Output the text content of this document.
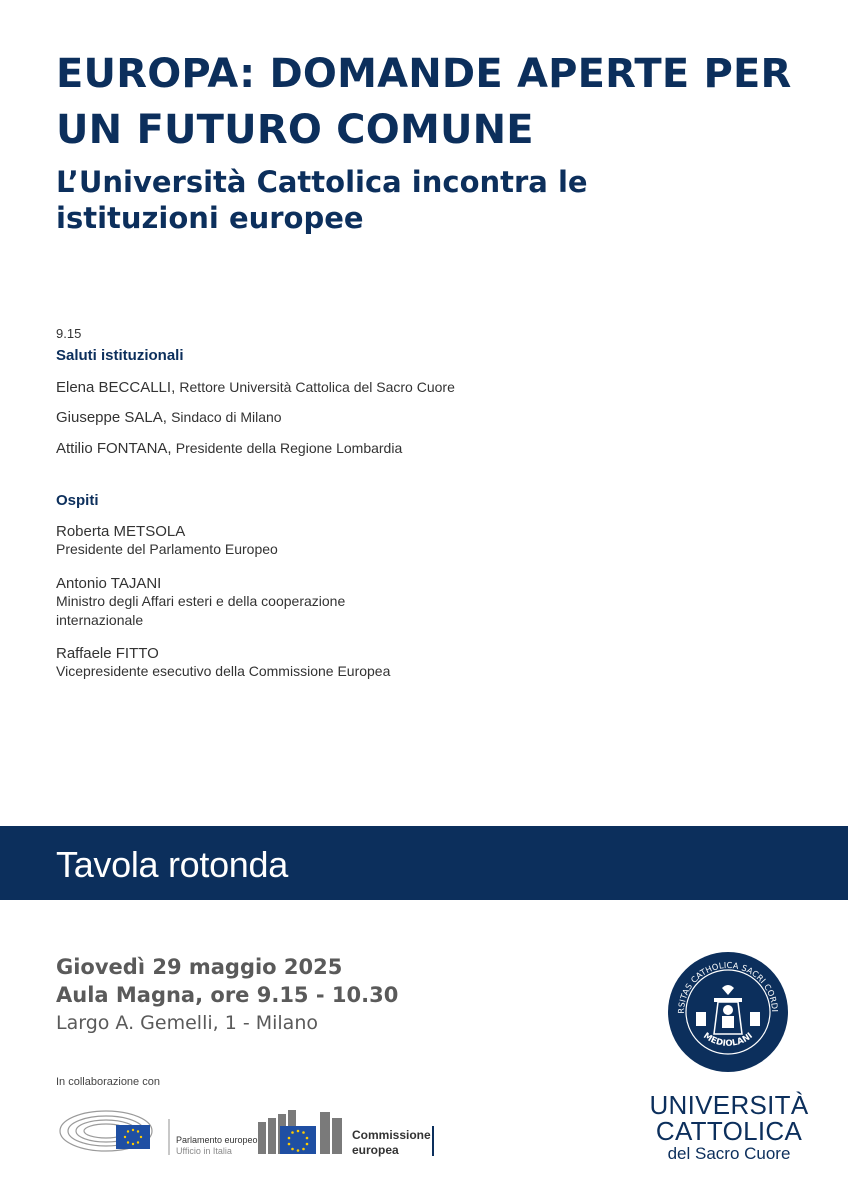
EUROPA: DOMANDE APERTE PER
UN FUTURO COMUNE
L’Università Cattolica incontra le
istituzioni europee
9.15
Saluti istituzionali
Elena BECCALLI, Rettore Università Cattolica del Sacro Cuore
Giuseppe SALA, Sindaco di Milano
Attilio FONTANA, Presidente della Regione Lombardia
Ospiti
Roberta METSOLA
Presidente del Parlamento Europeo
Antonio TAJANI
Ministro degli Affari esteri e della cooperazione
internazionale
Raffaele FITTO
Vicepresidente esecutivo della Commissione Europea
Tavola rotonda
Giovedì 29 maggio 2025
Aula Magna, ore 9.15 - 10.30
Largo A. Gemelli, 1 - Milano
In collaborazione con
Parlamento europeo
Ufficio in Italia
Commissione
europea
RSITAS CATHOLICA SACRI CORDI
MEDIOLANI
UNIVERSITÀ
CATTOLICA
del Sacro Cuore
